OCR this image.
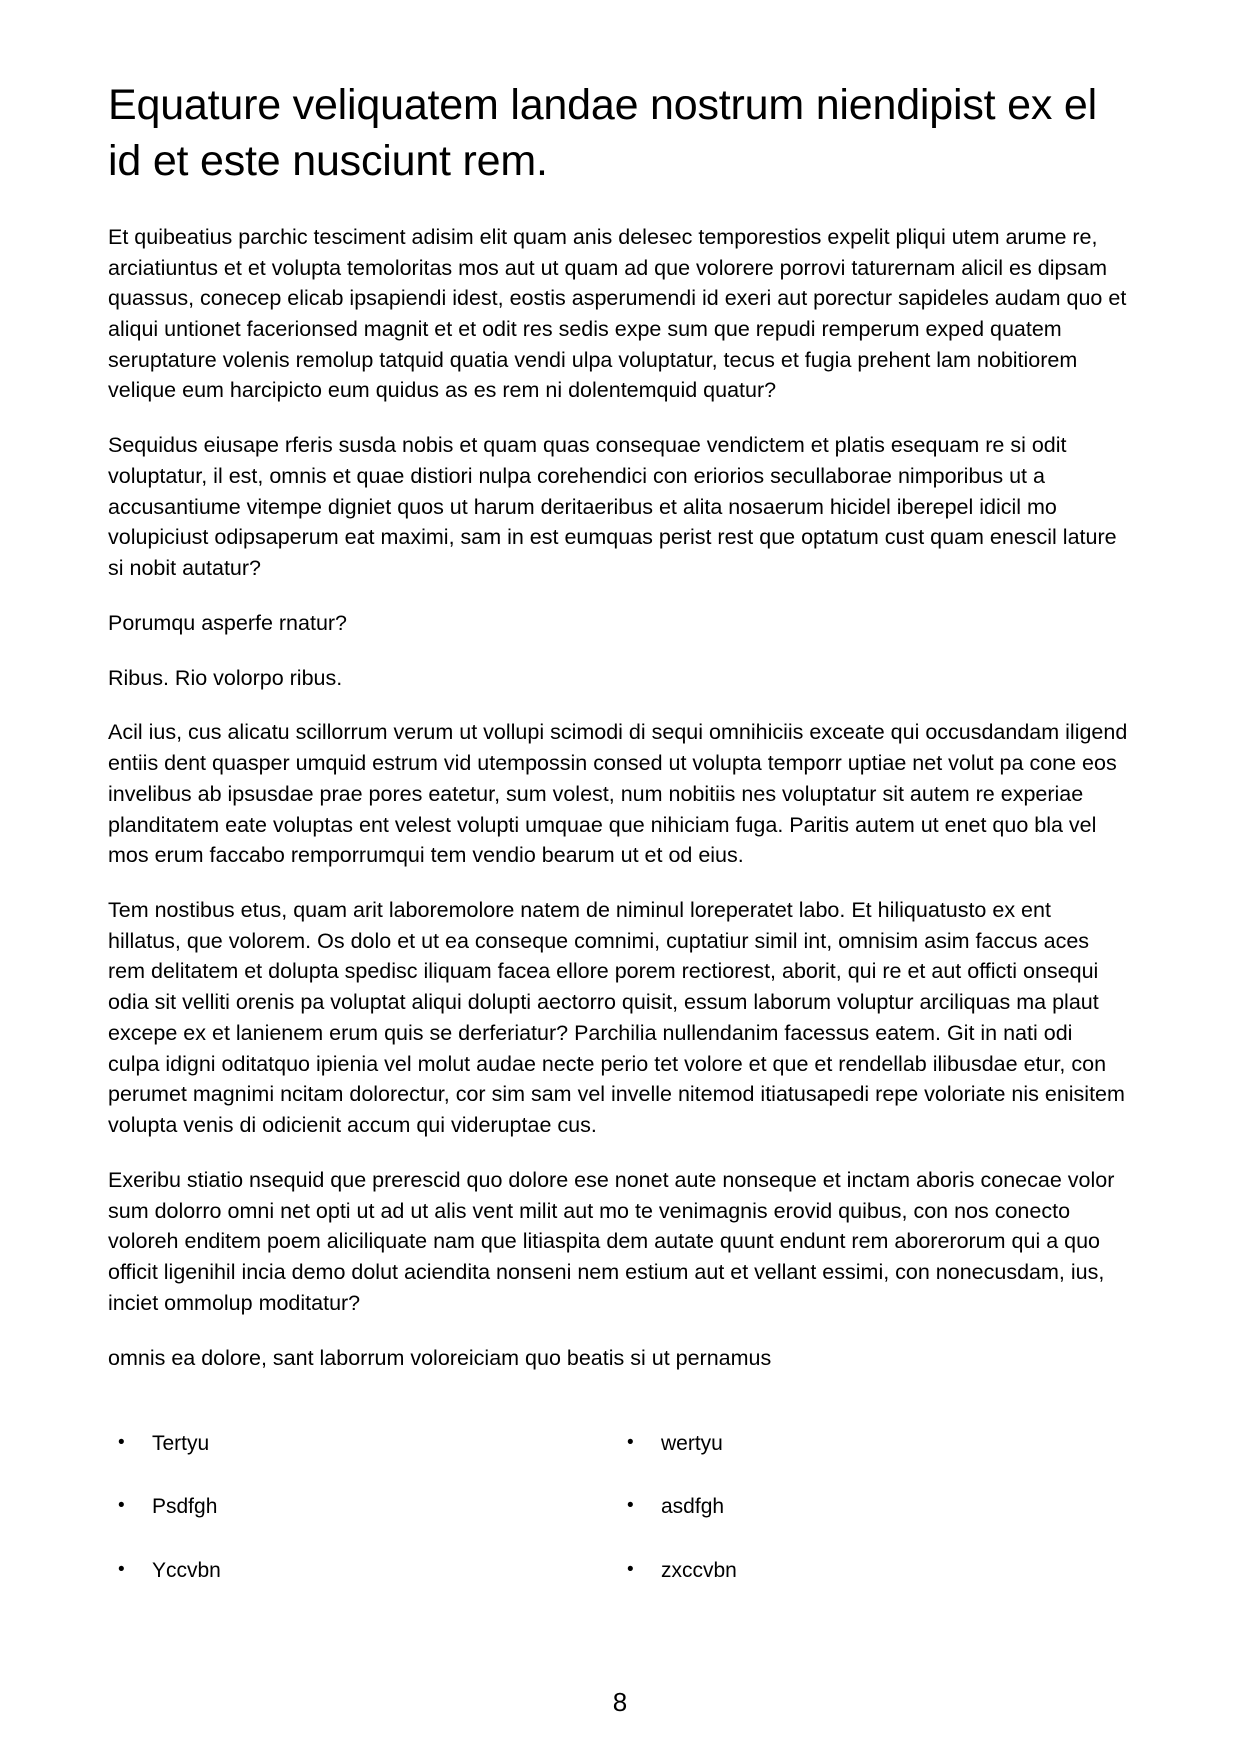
Equature veliquatem landae nostrum niendipist ex el id et este nusciunt rem.

Et quibeatius parchic tesciment adisim elit quam anis delesec temporestios expelit pliqui utem arume re, arciatiuntus et et volupta temoloritas mos aut ut quam ad que volorere porrovi taturernam alicil es dipsam quassus, conecep elicab ipsapiendi idest, eostis asperumendi id exeri aut porectur sapideles audam quo et aliqui untionet facerionsed magnit et et odit res sedis expe sum que repudi remperum exped quatem seruptature volenis remolup tatquid quatia vendi ulpa voluptatur, tecus et fugia prehent lam nobitiorem velique eum harcipicto eum quidus as es rem ni dolentemquid quatur?

Sequidus eiusape rferis susda nobis et quam quas consequae vendictem et platis esequam re si odit voluptatur, il est, omnis et quae distiori nulpa corehendici con eriorios secullaborae nimporibus ut a accusantiume vitempe digniet quos ut harum deritaeribus et alita nosaerum hicidel iberepel idicil mo volupiciust odipsaperum eat maximi, sam in est eumquas perist rest que optatum cust quam enescil lature si nobit autatur?

Porumqu asperfe rnatur?

Ribus. Rio volorpo ribus.

Acil ius, cus alicatu scillorrum verum ut vollupi scimodi di sequi omnihiciis exceate qui occusdandam iligend entiis dent quasper umquid estrum vid utempossin consed ut volupta temporr uptiae net volut pa cone eos invelibus ab ipsusdae prae pores eatetur, sum volest, num nobitiis nes voluptatur sit autem re experiae planditatem eate voluptas ent velest volupti umquae que nihiciam fuga. Paritis autem ut enet quo bla vel mos erum faccabo remporrumqui tem vendio bearum ut et od eius.

Tem nostibus etus, quam arit laboremolore natem de niminul loreperatet labo. Et hiliquatusto ex ent hillatus, que volorem. Os dolo et ut ea conseque comnimi, cuptatiur simil int, omnisim asim faccus aces rem delitatem et dolupta spedisc iliquam facea ellore porem rectiorest, aborit, qui re et aut officti onsequi odia sit velliti orenis pa voluptat aliqui dolupti aectorro quisit, essum laborum voluptur arciliquas ma plaut excepe ex et lanienem erum quis se derferiatur? Parchilia nullendanim facessus eatem. Git in nati odi culpa idigni oditatquo ipienia vel molut audae necte perio tet volore et que et rendellab ilibusdae etur, con perumet magnimi ncitam dolorectur, cor sim sam vel invelle nitemod itiatusapedi repe voloriate nis enisitem volupta venis di odicienit accum qui videruptae cus.

Exeribu stiatio nsequid que prerescid quo dolore ese nonet aute nonseque et inctam aboris conecae volor sum dolorro omni net opti ut ad ut alis vent milit aut mo te venimagnis erovid quibus, con nos conecto voloreh enditem poem aliciliquate nam que litiaspita dem autate quunt endunt rem aborerorum qui a quo officit ligenihil incia demo dolut aciendita nonseni nem estium aut et vellant essimi, con nonecusdam, ius, inciet ommolup moditatur?

omnis ea dolore, sant laborrum voloreiciam quo beatis si ut pernamus

•	Tertyu
•	Psdfgh
•	Yccvbn
•	wertyu
•	asdfgh
•	zxccvbn
8
